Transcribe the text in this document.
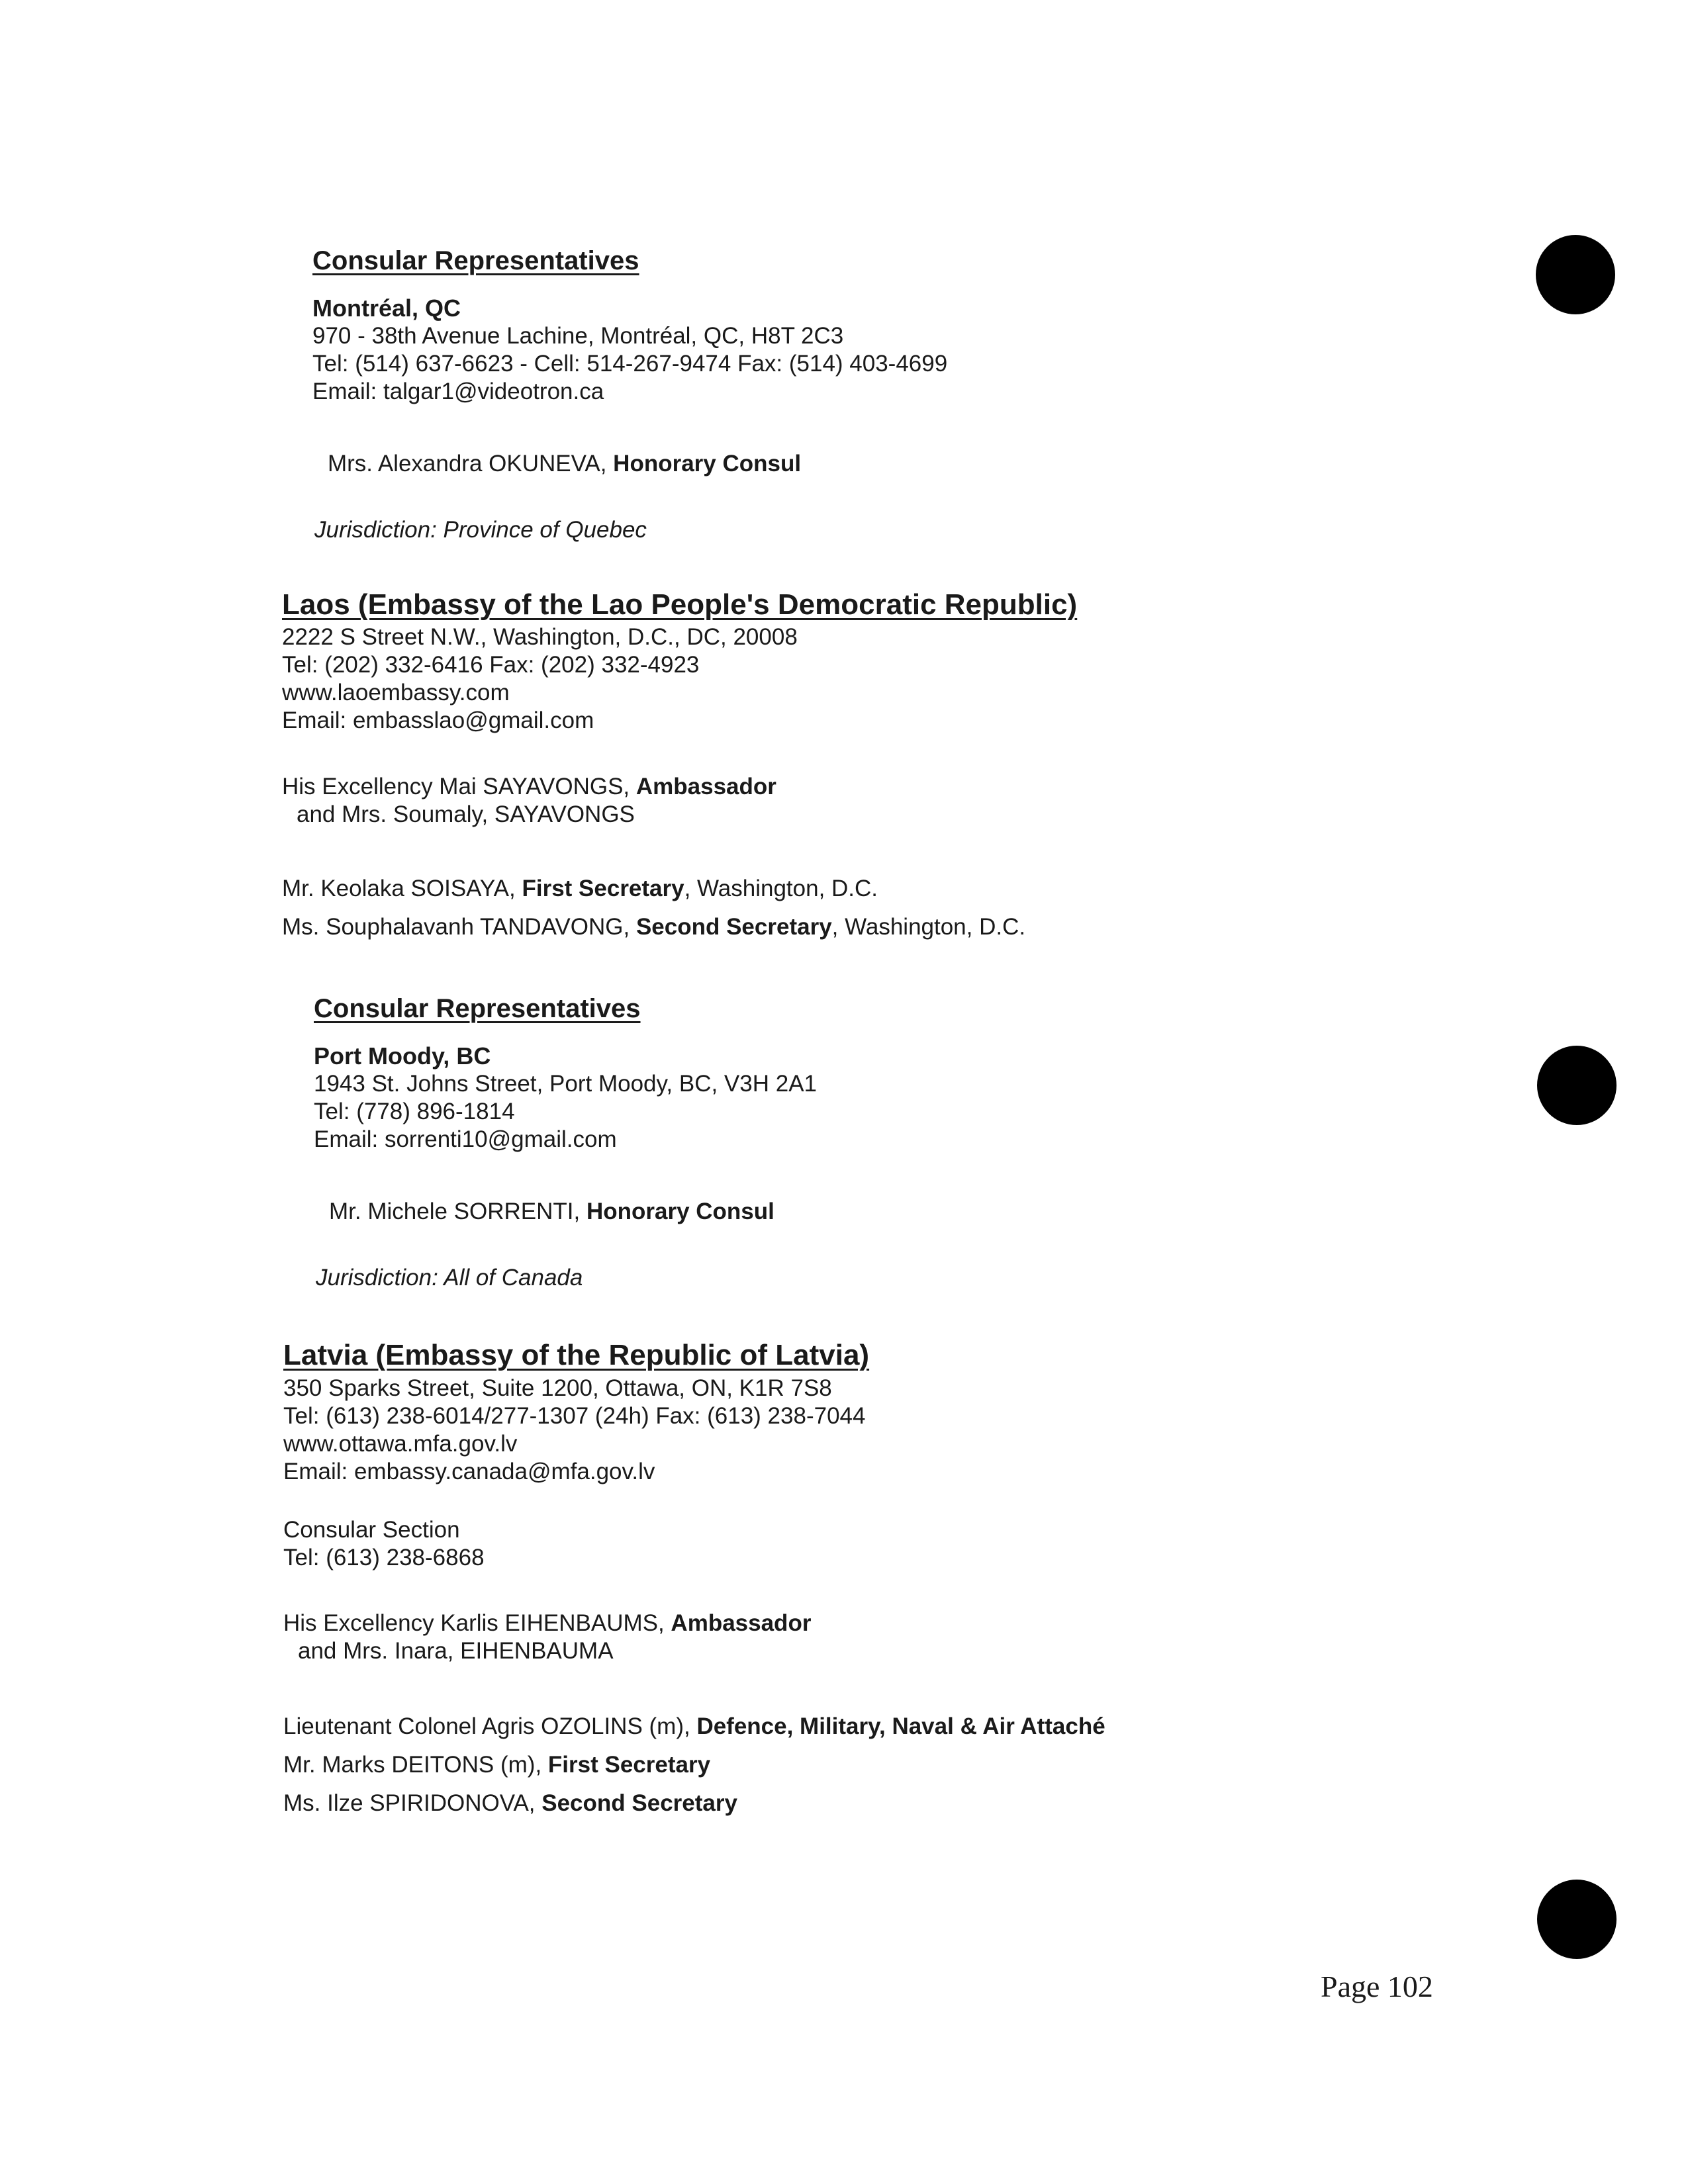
Consular Representatives
Montréal, QC
970 - 38th Avenue Lachine, Montréal, QC, H8T 2C3
Tel: (514) 637-6623 - Cell: 514-267-9474 Fax: (514) 403-4699
Email: talgar1@videotron.ca
Mrs. Alexandra OKUNEVA, Honorary Consul
Jurisdiction: Province of Quebec
Laos (Embassy of the Lao People's Democratic Republic)
2222 S Street N.W., Washington, D.C., DC, 20008
Tel: (202) 332-6416 Fax: (202) 332-4923
www.laoembassy.com
Email: embasslao@gmail.com
His Excellency Mai SAYAVONGS, Ambassador
and Mrs. Soumaly, SAYAVONGS
Mr. Keolaka SOISAYA, First Secretary, Washington, D.C.
Ms. Souphalavanh TANDAVONG, Second Secretary, Washington, D.C.
Consular Representatives
Port Moody, BC
1943 St. Johns Street, Port Moody, BC, V3H 2A1
Tel: (778) 896-1814
Email: sorrenti10@gmail.com
Mr. Michele SORRENTI, Honorary Consul
Jurisdiction: All of Canada
Latvia (Embassy of the Republic of Latvia)
350 Sparks Street, Suite 1200, Ottawa, ON, K1R 7S8
Tel: (613) 238-6014/277-1307 (24h) Fax: (613) 238-7044
www.ottawa.mfa.gov.lv
Email: embassy.canada@mfa.gov.lv
Consular Section
Tel: (613) 238-6868
His Excellency Karlis EIHENBAUMS, Ambassador
and Mrs. Inara, EIHENBAUMA
Lieutenant Colonel Agris OZOLINS (m), Defence, Military, Naval & Air Attaché
Mr. Marks DEITONS (m), First Secretary
Ms. Ilze SPIRIDONOVA, Second Secretary
Page 102
